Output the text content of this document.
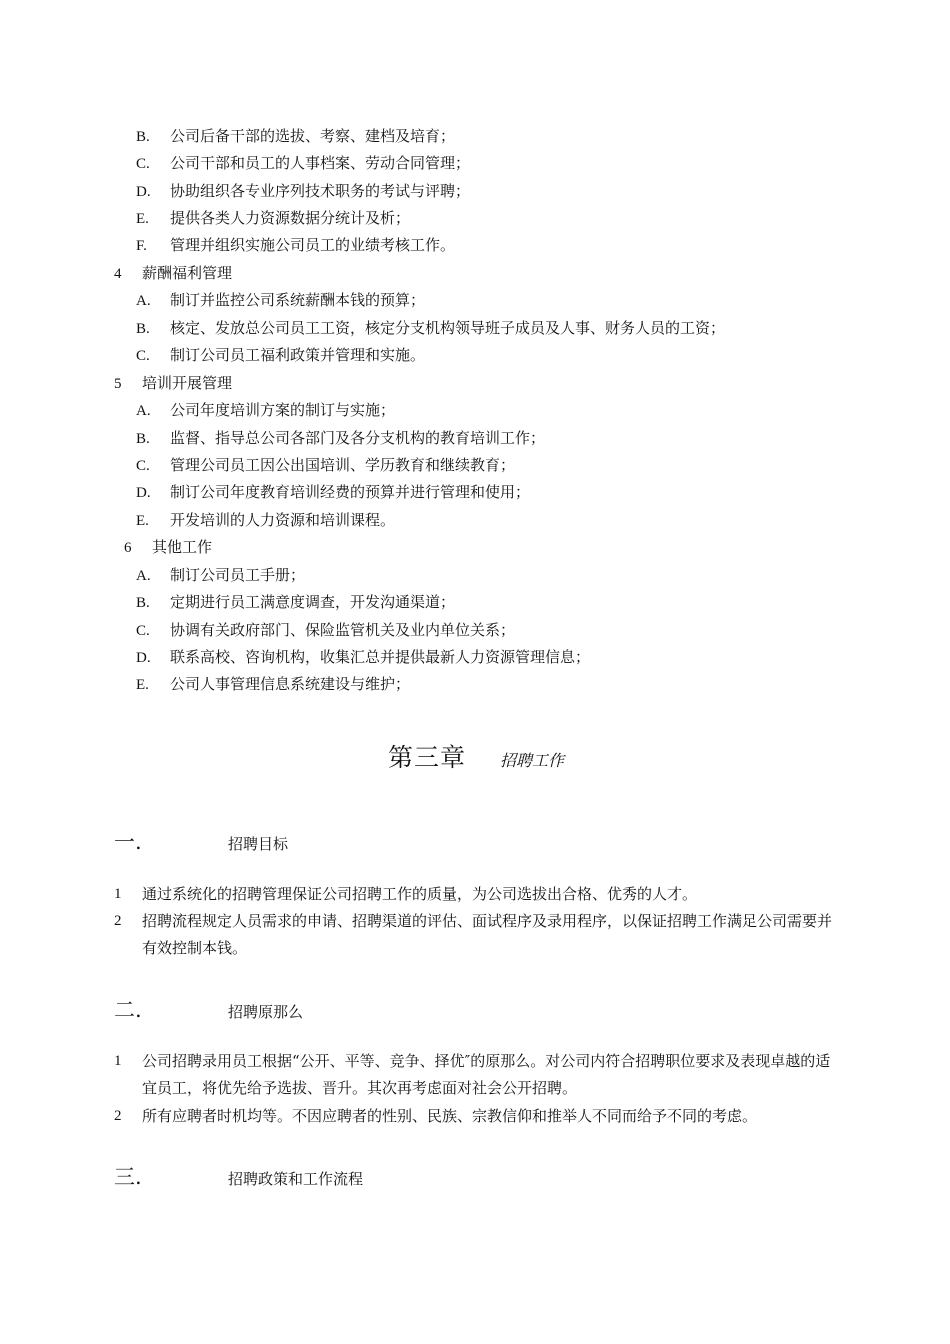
B. 公司后备干部的选拔、考察、建档及培育；
C. 公司干部和员工的人事档案、劳动合同管理；
D. 协助组织各专业序列技术职务的考试与评聘；
E. 提供各类人力资源数据分统计及析；
F. 管理并组织实施公司员工的业绩考核工作。
4 薪酬福利管理
A. 制订并监控公司系统薪酬本钱的预算；
B. 核定、发放总公司员工工资，核定分支机构领导班子成员及人事、财务人员的工资；
C. 制订公司员工福利政策并管理和实施。
5 培训开展管理
A. 公司年度培训方案的制订与实施；
B. 监督、指导总公司各部门及各分支机构的教育培训工作；
C. 管理公司员工因公出国培训、学历教育和继续教育；
D. 制订公司年度教育培训经费的预算并进行管理和使用；
E. 开发培训的人力资源和培训课程。
6 其他工作
A. 制订公司员工手册；
B. 定期进行员工满意度调查，开发沟通渠道；
C. 协调有关政府部门、保险监管机关及业内单位关系；
D. 联系高校、咨询机构，收集汇总并提供最新人力资源管理信息；
E. 公司人事管理信息系统建设与维护；
第三章 招聘工作
一.	招聘目标
1	通过系统化的招聘管理保证公司招聘工作的质量，为公司选拔出合格、优秀的人才。
2	招聘流程规定人员需求的申请、招聘渠道的评估、面试程序及录用程序，以保证招聘工作满足公司需要并有效控制本钱。
二.	招聘原那么
1	公司招聘录用员工根据“公开、平等、竞争、择优″的原那么。对公司内符合招聘职位要求及表现卓越的适宜员工，将优先给予选拔、晋升。其次再考虑面对社会公开招聘。
2	所有应聘者时机均等。不因应聘者的性别、民族、宗教信仰和推举人不同而给予不同的考虑。
三.	招聘政策和工作流程
